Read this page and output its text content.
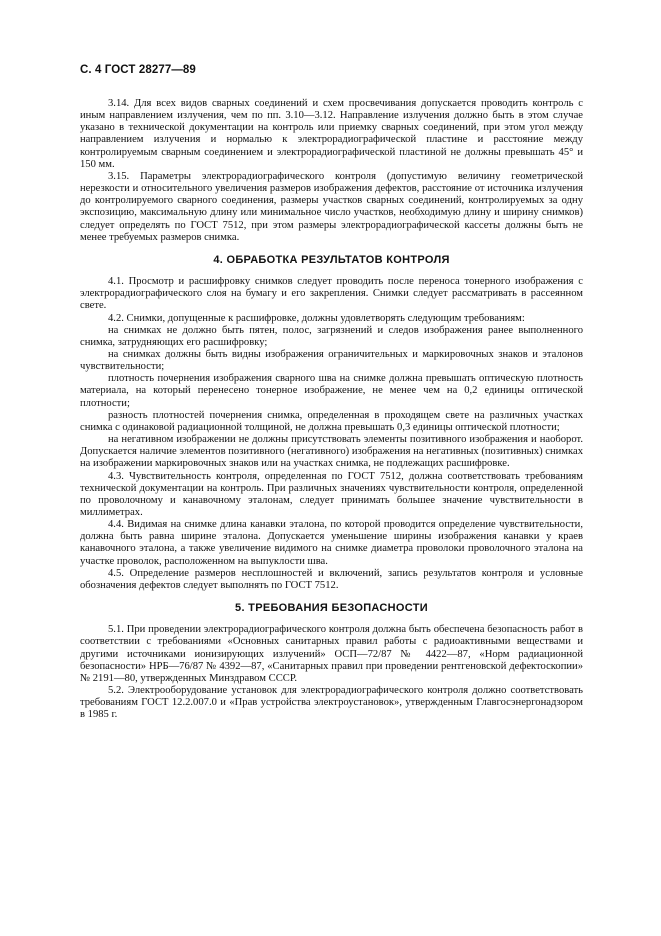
С. 4 ГОСТ 28277—89

3.14. Для всех видов сварных соединений и схем просвечивания допускается проводить контроль с иным направлением излучения, чем по пп. 3.10—3.12. Направление излучения должно быть в этом случае указано в технической документации на контроль или приемку сварных соединений, при этом угол между направлением излучения и нормалью к электрорадиографической пластине и расстояние между контролируемым сварным соединением и электрорадиографической пластиной не должны превышать 45° и 150 мм.

3.15. Параметры электрорадиографического контроля (допустимую величину геометрической нерезкости и относительного увеличения размеров изображения дефектов, расстояние от источника излучения до контролируемого сварного соединения, размеры участков сварных соединений, контролируемых за одну экспозицию, максимальную длину или минимальное число участков, необходимую длину и ширину снимков) следует определять по ГОСТ 7512, при этом размеры электрорадиографической кассеты должны быть не менее требуемых размеров снимка.

4. ОБРАБОТКА РЕЗУЛЬТАТОВ КОНТРОЛЯ

4.1. Просмотр и расшифровку снимков следует проводить после переноса тонерного изображения с электрорадиографического слоя на бумагу и его закрепления. Снимки следует рассматривать в рассеянном свете.

4.2. Снимки, допущенные к расшифровке, должны удовлетворять следующим требованиям:

на снимках не должно быть пятен, полос, загрязнений и следов изображения ранее выполненного снимка, затрудняющих его расшифровку;

на снимках должны быть видны изображения ограничительных и маркировочных знаков и эталонов чувствительности;

плотность почернения изображения сварного шва на снимке должна превышать оптическую плотность материала, на который перенесено тонерное изображение, не менее чем на 0,2 единицы оптической плотности;

разность плотностей почернения снимка, определенная в проходящем свете на различных участках снимка с одинаковой радиационной толщиной, не должна превышать 0,3 единицы оптической плотности;

на негативном изображении не должны присутствовать элементы позитивного изображения и наоборот. Допускается наличие элементов позитивного (негативного) изображения на негативных (позитивных) снимках на изображении маркировочных знаков или на участках снимка, не подлежащих расшифровке.

4.3. Чувствительность контроля, определенная по ГОСТ 7512, должна соответствовать требованиям технической документации на контроль. При различных значениях чувствительности контроля, определенной по проволочному и канавочному эталонам, следует принимать большее значение чувствительности в миллиметрах.

4.4. Видимая на снимке длина канавки эталона, по которой проводится определение чувствительности, должна быть равна ширине эталона. Допускается уменьшение ширины изображения канавки у краев канавочного эталона, а также увеличение видимого на снимке диаметра проволоки проволочного эталона на участке проволок, расположенном на выпуклости шва.

4.5. Определение размеров несплошностей и включений, запись результатов контроля и условные обозначения дефектов следует выполнять по ГОСТ 7512.

5. ТРЕБОВАНИЯ БЕЗОПАСНОСТИ

5.1. При проведении электрорадиографического контроля должна быть обеспечена безопасность работ в соответствии с требованиями «Основных санитарных правил работы с радиоактивными веществами и другими источниками ионизирующих излучений» ОСП—72/87 № 4422—87, «Норм радиационной безопасности» НРБ—76/87 № 4392—87, «Санитарных правил при проведении рентгеновской дефектоскопии» № 2191—80, утвержденных Минздравом СССР.

5.2. Электрооборудование установок для электрорадиографического контроля должно соответствовать требованиям ГОСТ 12.2.007.0 и «Прав устройства электроустановок», утвержденным Главгосэнергонадзором в 1985 г.
